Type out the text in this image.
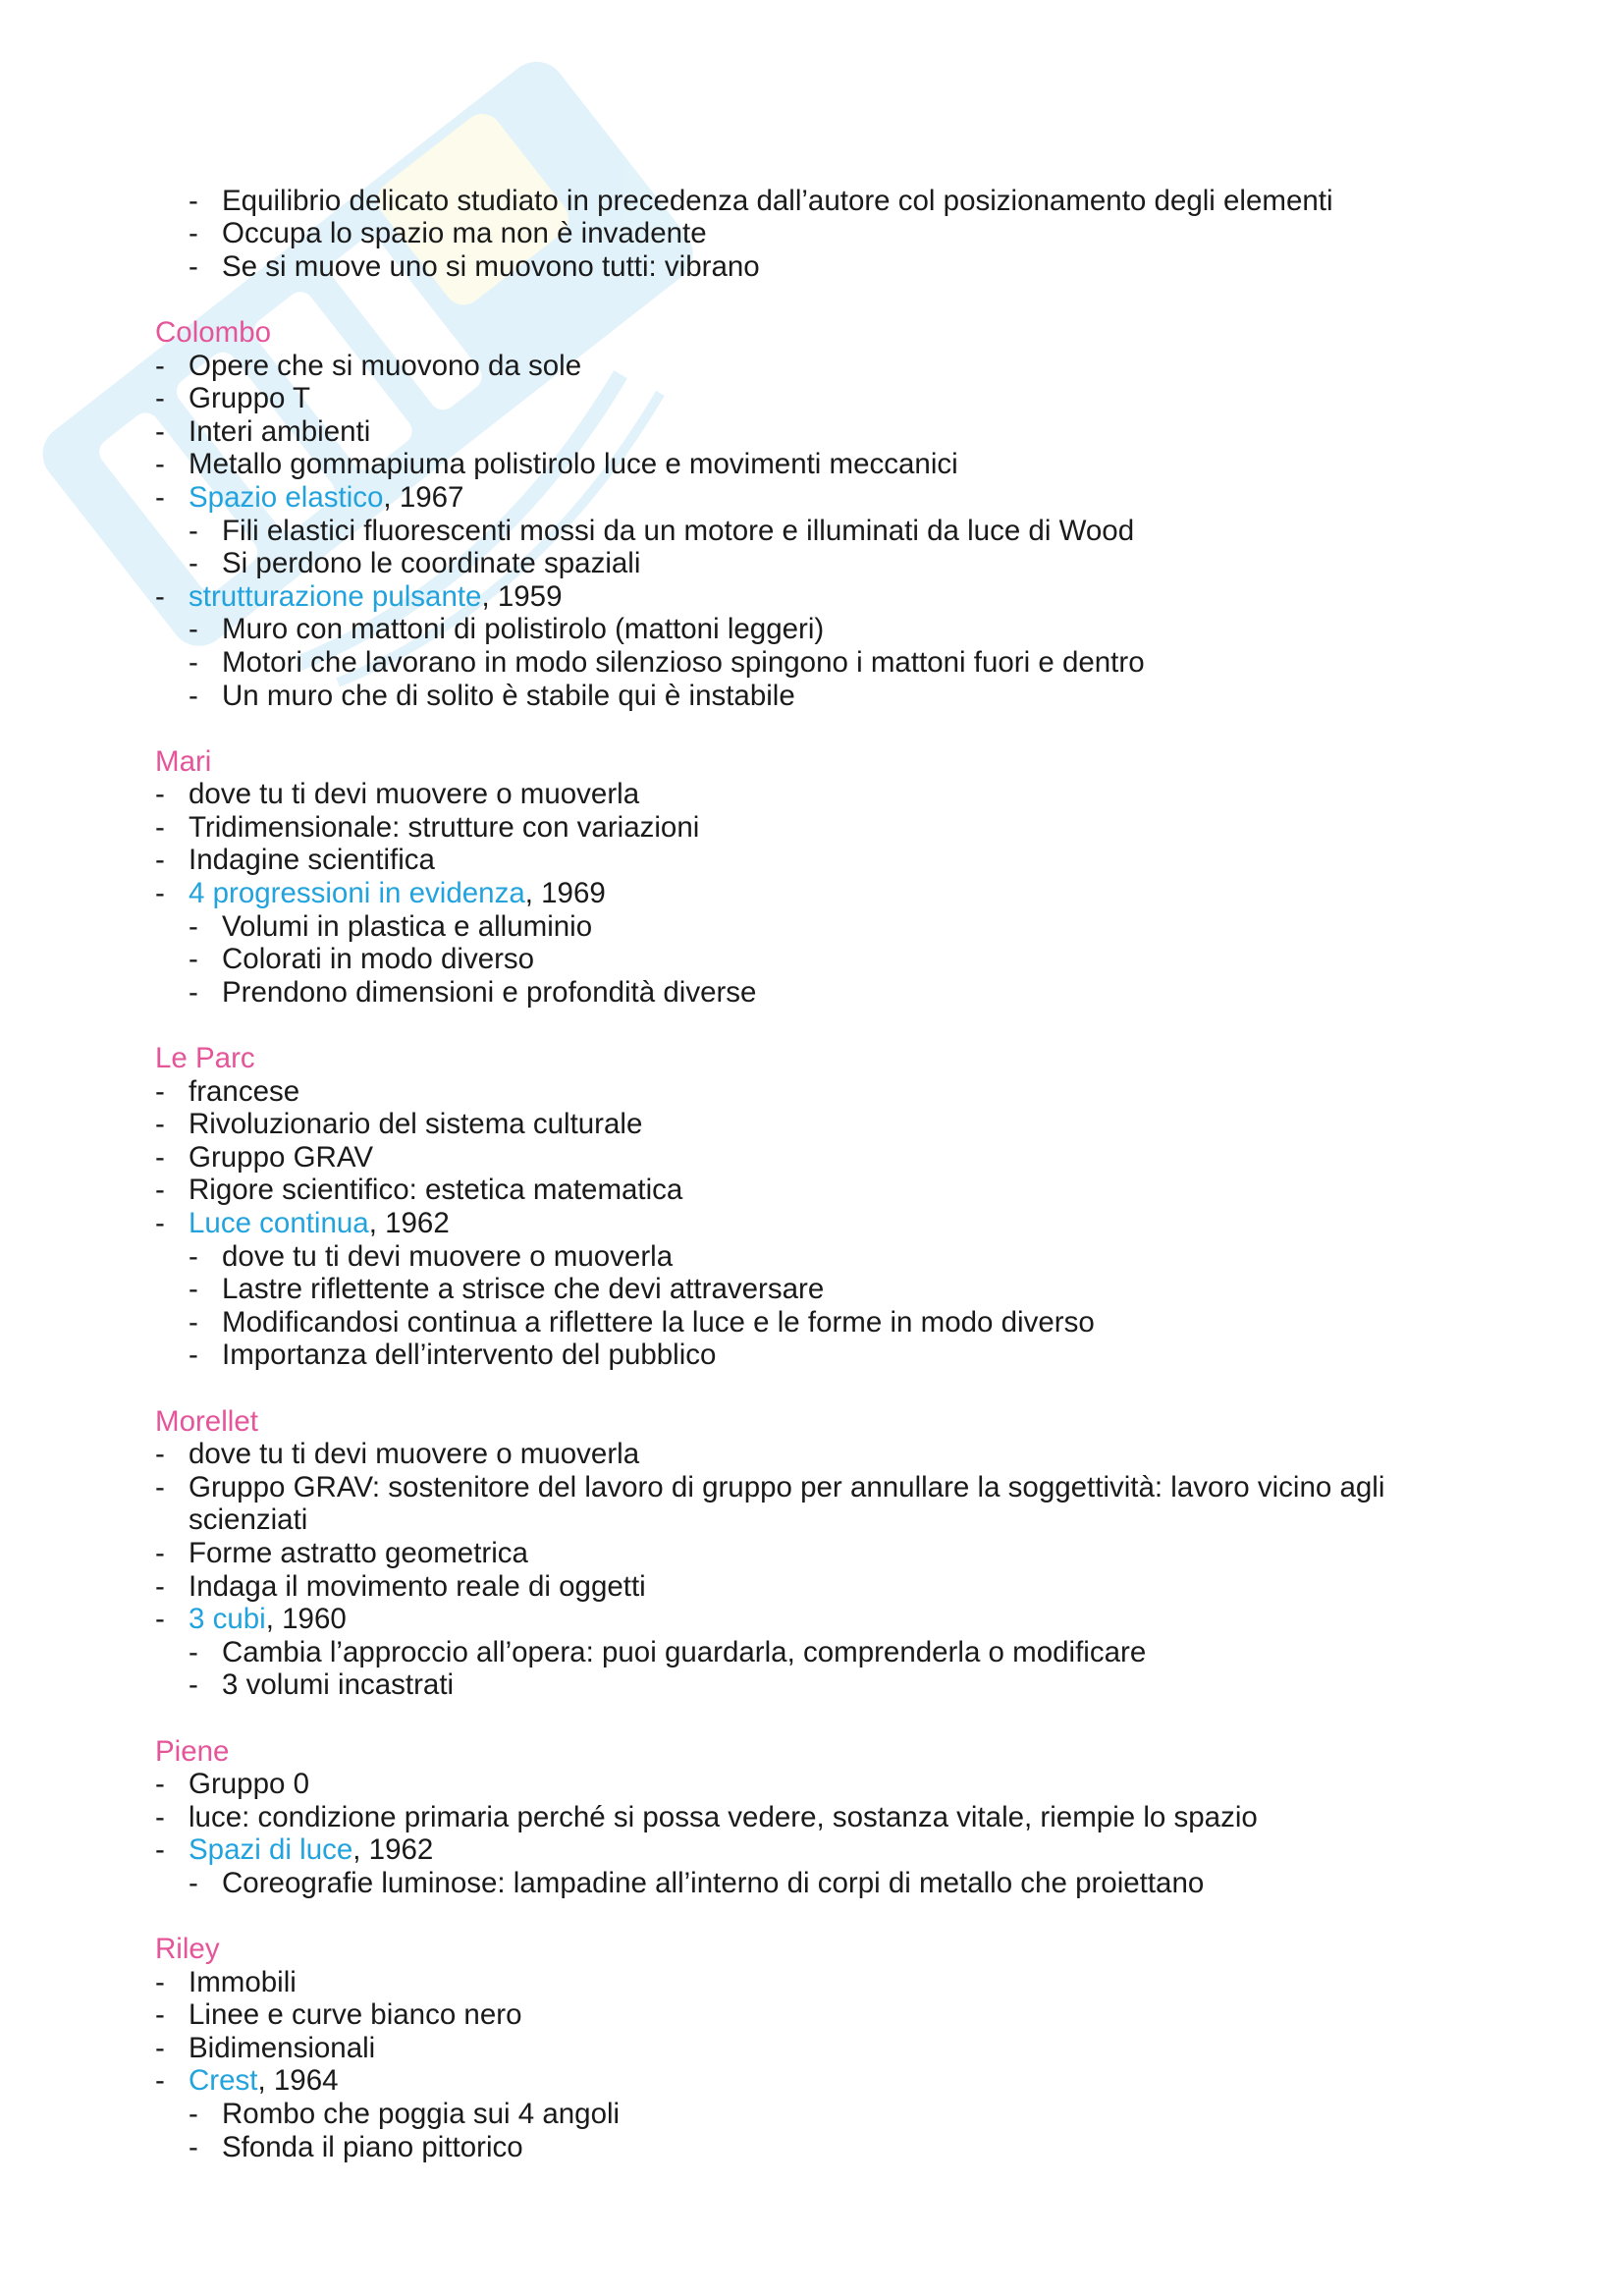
- Equilibrio delicato studiato in precedenza dall’autore col posizionamento degli elementi
- Occupa lo spazio ma non è invadente
- Se si muove uno si muovono tutti: vibrano
Colombo
- Opere che si muovono da sole
- Gruppo T
- Interi ambienti
- Metallo gommapiuma polistirolo luce e movimenti meccanici
- Spazio elastico, 1967
- Fili elastici fluorescenti mossi da un motore e illuminati da luce di Wood
- Si perdono le coordinate spaziali
- strutturazione pulsante, 1959
- Muro con mattoni di polistirolo (mattoni leggeri)
- Motori che lavorano in modo silenzioso spingono i mattoni fuori e dentro
- Un muro che di solito è stabile qui è instabile
Mari
- dove tu ti devi muovere o muoverla
- Tridimensionale: strutture con variazioni
- Indagine scientifica
- 4 progressioni in evidenza, 1969
- Volumi in plastica e alluminio
- Colorati in modo diverso
- Prendono dimensioni e profondità diverse
Le Parc
- francese
- Rivoluzionario del sistema culturale
- Gruppo GRAV
- Rigore scientifico: estetica matematica
- Luce continua, 1962
- dove tu ti devi muovere o muoverla
- Lastre riflettente a strisce che devi attraversare
- Modificandosi continua a riflettere la luce e le forme in modo diverso
- Importanza dell’intervento del pubblico
Morellet
- dove tu ti devi muovere o muoverla
- Gruppo GRAV: sostenitore del lavoro di gruppo per annullare la soggettività: lavoro vicino agli scienziati
- Forme astratto geometrica
- Indaga il movimento reale di oggetti
- 3 cubi, 1960
- Cambia l’approccio all’opera: puoi guardarla, comprenderla o modificare
- 3 volumi incastrati
Piene
- Gruppo 0
- luce: condizione primaria perché si possa vedere, sostanza vitale, riempie lo spazio
- Spazi di luce, 1962
- Coreografie luminose: lampadine all’interno di corpi di metallo che proiettano
Riley
- Immobili
- Linee e curve bianco nero
- Bidimensionali
- Crest, 1964
- Rombo che poggia sui 4 angoli
- Sfonda il piano pittorico
